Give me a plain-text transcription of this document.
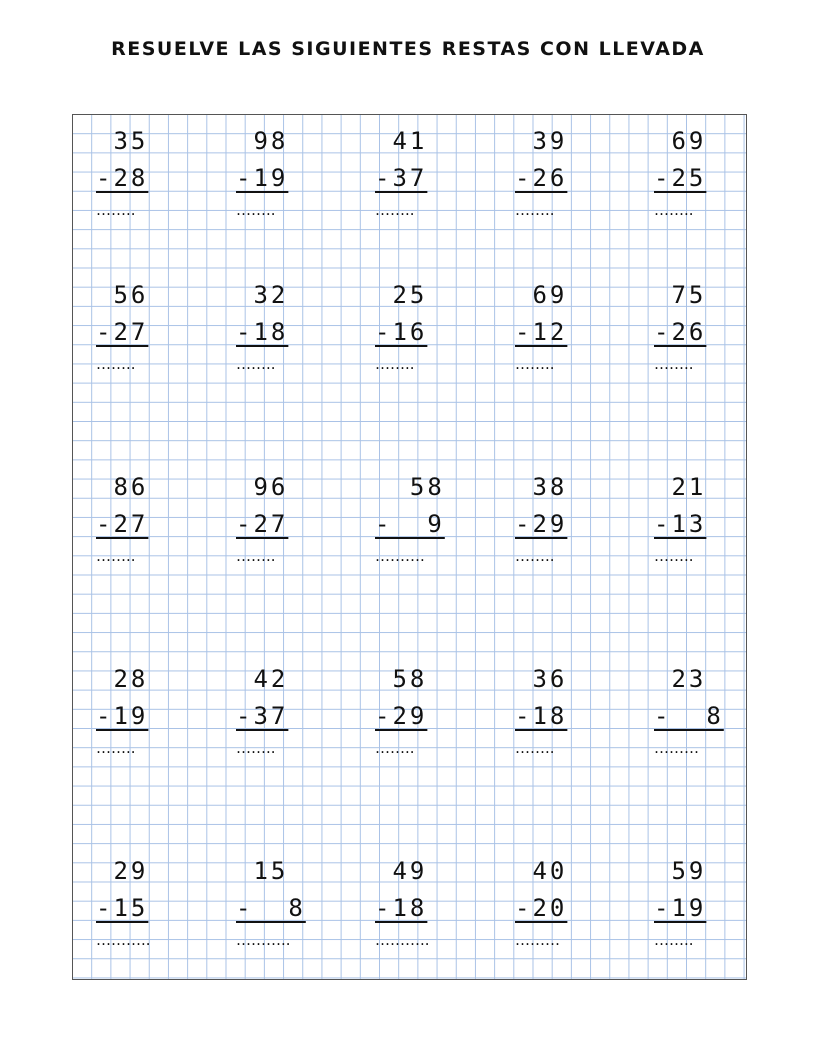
RESUELVE LAS SIGUIENTES RESTAS CON LLEVADA
35
-28
……..
98
-19
……..
41
-37
……..
39
-26
……..
69
-25
……..
56
-27
……..
32
-18
……..
25
-16
……..
69
-12
……..
75
-26
……..
86
-27
……..
96
-27
……..
58
-  9
……….
38
-29
……..
21
-13
……..
28
-19
……..
42
-37
……..
58
-29
……..
36
-18
……..
23
-  8
………
29
-15
………..
15
-  8
………..
49
-18
………..
40
-20
………
59
-19
……..
